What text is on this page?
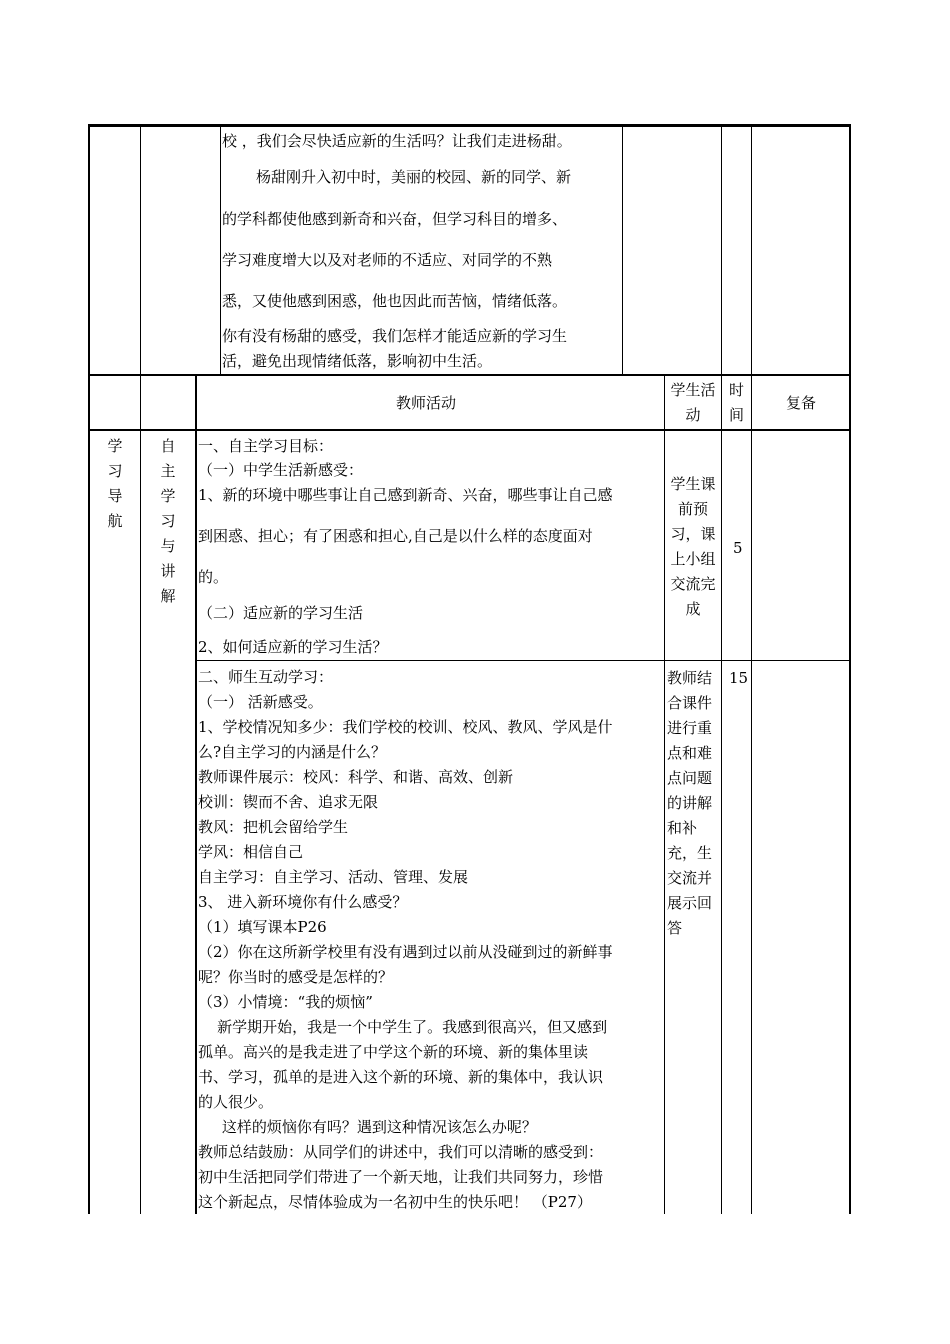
校 ，我们会尽快适应新的生活吗？让我们走进杨甜。
杨甜刚升入初中时，美丽的校园、新的同学、新
的学科都使他感到新奇和兴奋，但学习科目的增多、
学习难度增大以及对老师的不适应、对同学的不熟
悉，又使他感到困惑，他也因此而苦恼，情绪低落。
你有没有杨甜的感受，我们怎样才能适应新的学习生
活，避免出现情绪低落，影响初中生活。
教师活动
学生活
动
时
间
复备
学
习
导
航
自
主
学
习
与
讲
解
一、自主学习目标：
（一）中学生活新感受：
1、新的环境中哪些事让自己感到新奇、兴奋，哪些事让自己感
到困惑、担心；有了困惑和担心,自己是以什么样的态度面对
的。
（二）适应新的学习生活
2、如何适应新的学习生活？
学生课
前预
习，课
上小组
交流完
成
5
二、师生互动学习：
（一） 活新感受。
1、学校情况知多少：我们学校的校训、校风、教风、学风是什
么?自主学习的内涵是什么？
教师课件展示：校风：科学、和谐、高效、创新
校训：锲而不舍、追求无限
教风：把机会留给学生
学风：相信自己
自主学习：自主学习、活动、管理、发展
3、 进入新环境你有什么感受？
（1）填写课本P26
（2）你在这所新学校里有没有遇到过以前从没碰到过的新鲜事
呢？你当时的感受是怎样的？
（3）小情境：“我的烦恼”
新学期开始，我是一个中学生了。我感到很高兴，但又感到
孤单。高兴的是我走进了中学这个新的环境、新的集体里读
书、学习，孤单的是进入这个新的环境、新的集体中，我认识
的人很少。
这样的烦恼你有吗？遇到这种情况该怎么办呢？
教师总结鼓励：从同学们的讲述中，我们可以清晰的感受到：
初中生活把同学们带进了一个新天地，让我们共同努力，珍惜
这个新起点，尽情体验成为一名初中生的快乐吧！ （P27）
教师结
合课件
进行重
点和难
点问题
的讲解
和补
充，生
交流并
展示回
答
15
